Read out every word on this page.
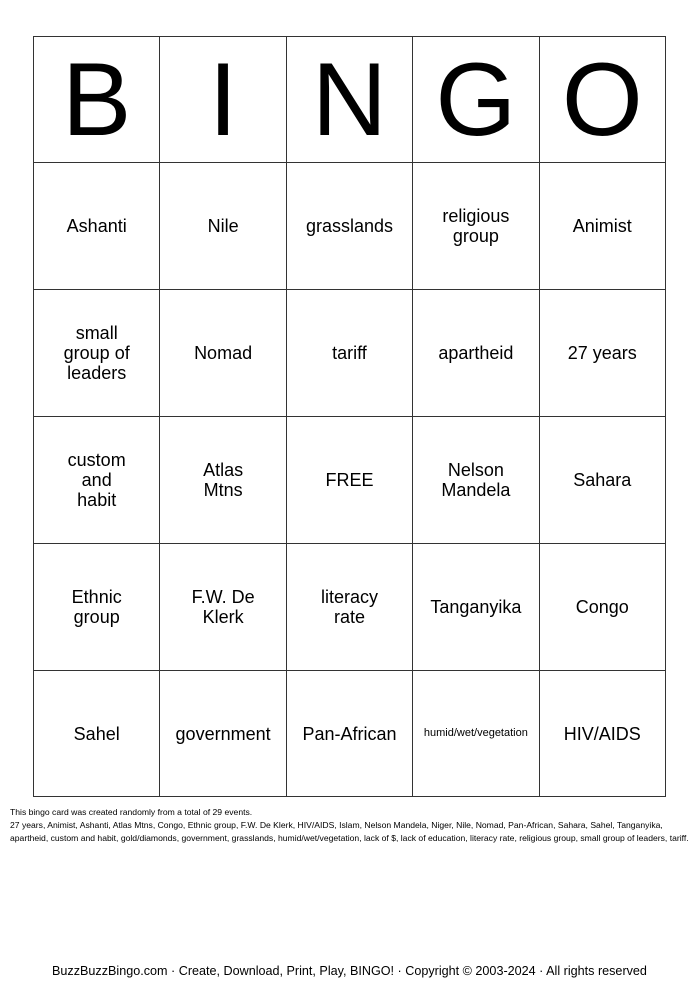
B	I	N	G	O
Ashanti	Nile	grasslands	religious group	Animist
small group of leaders	Nomad	tariff	apartheid	27 years
custom and habit	Atlas Mtns	FREE	Nelson Mandela	Sahara
Ethnic group	F.W. De Klerk	literacy rate	Tanganyika	Congo
Sahel	government	Pan-African	humid/wet/vegetation	HIV/AIDS
This bingo card was created randomly from a total of 29 events.
27 years, Animist, Ashanti, Atlas Mtns, Congo, Ethnic group, F.W. De Klerk, HIV/AIDS, Islam, Nelson Mandela, Niger, Nile, Nomad, Pan-African, Sahara, Sahel, Tanganyika, apartheid, custom and habit, gold/diamonds, government, grasslands, humid/wet/vegetation, lack of $, lack of education, literacy rate, religious group, small group of leaders, tariff.
BuzzBuzzBingo.com · Create, Download, Print, Play, BINGO! · Copyright © 2003-2024 · All rights reserved
